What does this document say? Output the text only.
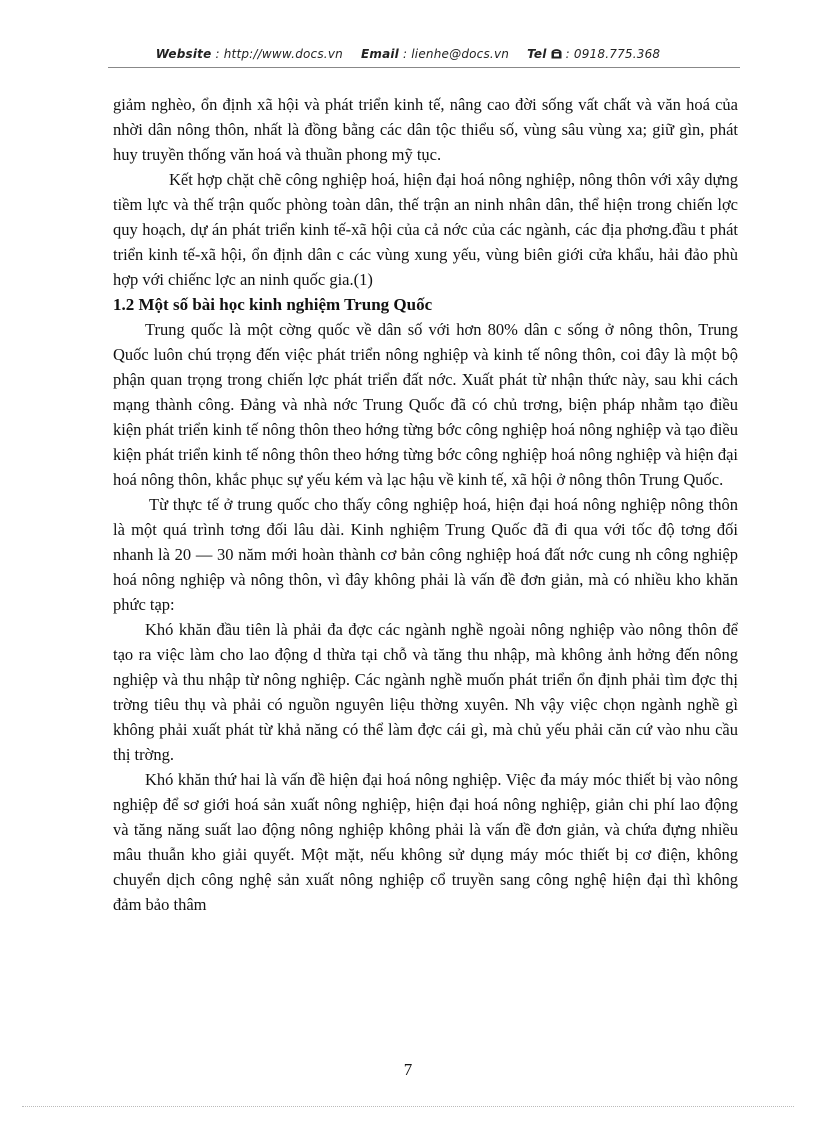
Website : http://www.docs.vn Email : lienhe@docs.vn Tel : 0918.775.368

giảm nghèo, ổn định xã hội và phát triển kinh tế, nâng cao đời sống vất chất và văn hoá của nhời dân nông thôn, nhất là đồng bằng các dân tộc thiểu số, vùng sâu vùng xa; giữ gìn, phát huy truyền thống văn hoá và thuần phong mỹ tục.

Kết hợp chặt chẽ công nghiệp hoá, hiện đại hoá nông nghiệp, nông thôn với xây dựng tiềm lực và thế trận quốc phòng toàn dân, thế trận an ninh nhân dân, thể hiện trong chiến lợc quy hoạch, dự án phát triển kinh tế-xã hội của cả nớc của các ngành, các địa phơng.đầu t phát triển kinh tế-xã hội, ổn định dân c các vùng xung yếu, vùng biên giới cửa khẩu, hải đảo phù hợp với chiếnc lợc an ninh quốc gia.(1)

1.2 Một số bài học kinh nghiệm Trung Quốc

Trung quốc là một cờng quốc về dân số với hơn 80% dân c sống ở nông thôn, Trung Quốc luôn chú trọng đến việc phát triển nông nghiệp và kinh tế nông thôn, coi đây là một bộ phận quan trọng trong chiến lợc phát triển đất nớc. Xuất phát từ nhận thức này, sau khi cách mạng thành công. Đảng và nhà nớc Trung Quốc đã có chủ trơng, biện pháp nhằm tạo điều kiện phát triển kinh tế nông thôn theo hớng từng bớc công nghiệp hoá nông nghiệp và tạo điều kiện phát triển kinh tế nông thôn theo hớng từng bớc công nghiệp hoá nông nghiệp và hiện đại hoá nông thôn, khắc phục sự yếu kém và lạc hậu về kinh tế, xã hội ở nông thôn Trung Quốc.

Từ thực tế ở trung quốc cho thấy công nghiệp hoá, hiện đại hoá nông nghiệp nông thôn là một quá trình tơng đối lâu dài. Kinh nghiệm Trung Quốc đã đi qua với tốc độ tơng đối nhanh là 20 — 30 năm mới hoàn thành cơ bản công nghiệp hoá đất nớc cung nh công nghiệp hoá nông nghiệp và nông thôn, vì đây không phải là vấn đề đơn giản, mà có nhiều kho khăn phức tạp:

Khó khăn đầu tiên là phải đa đợc các ngành nghề ngoài nông nghiệp vào nông thôn để tạo ra việc làm cho lao động d thừa tại chỗ và tăng thu nhập, mà không ảnh hởng đến nông nghiệp và thu nhập từ nông nghiệp. Các ngành nghề muốn phát triển ổn định phải tìm đợc thị trờng tiêu thụ và phải có nguồn nguyên liệu thờng xuyên. Nh vậy việc chọn ngành nghề gì không phải xuất phát từ khả năng có thể làm đợc cái gì, mà chủ yếu phải căn cứ vào nhu cầu thị trờng.

Khó khăn thứ hai là vấn đề hiện đại hoá nông nghiệp. Việc đa máy móc thiết bị vào nông nghiệp để sơ giới hoá sản xuất nông nghiệp, hiện đại hoá nông nghiệp, giản chi phí lao động và tăng năng suất lao động nông nghiệp không phải là vấn đề đơn giản, và chứa đựng nhiều mâu thuẫn kho giải quyết. Một mặt, nếu không sử dụng máy móc thiết bị cơ điện, không chuyển dịch công nghệ sản xuất nông nghiệp cổ truyền sang công nghệ hiện đại thì không đảm bảo thâm

7
